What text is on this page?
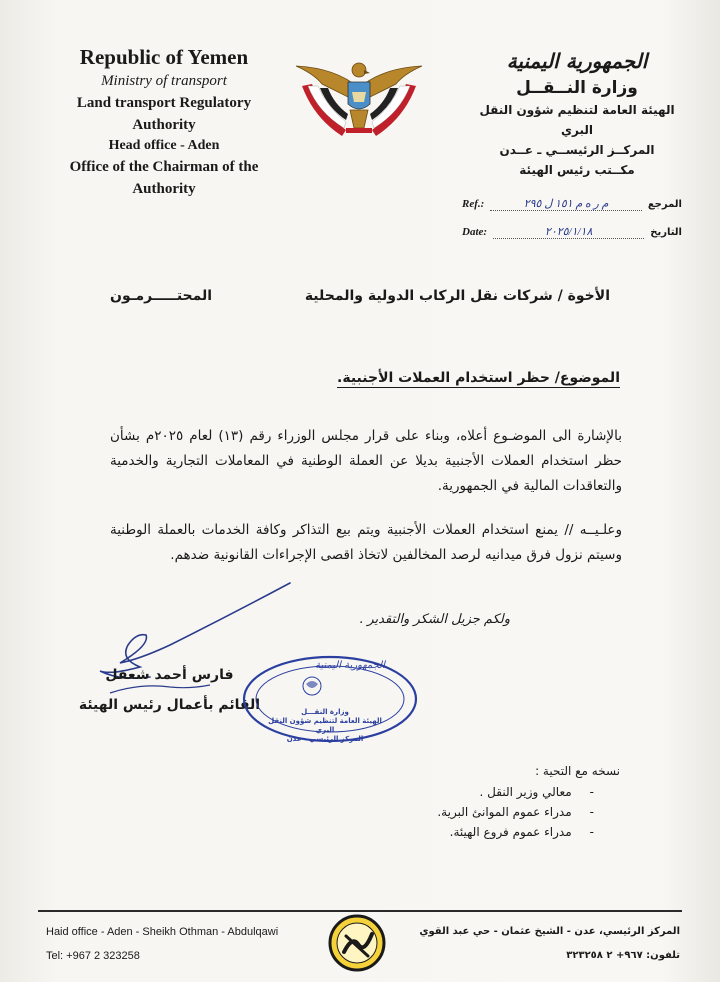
Republic of Yemen
Ministry of transport
Land transport Regulatory Authority
Head office - Aden
Office of the Chairman of the Authority
الجمهورية اليمنية
وزارة النــقــل
الهيئة العامة لتنظيم شؤون النقل البري
المركــز الرئيســي ـ عــدن
مكــتب رئيس الهيئة
Ref.:	م ر ه م ١٥١ ل ٢٩٥	المرجع
Date:	٢٠٢٥/١/١٨	التاريخ
الأخوة / شركات نقل الركاب الدولية والمحلية
المحتـــــرمـون
الموضوع/ حظر استخدام العملات الأجنبية.
بالإشارة الى الموضـوع أعلاه، وبناء على قرار مجلس الوزراء رقم (١٣) لعام ٢٠٢٥م بشأن حظر استخدام العملات الأجنبية بديلا عن العملة الوطنية في المعاملات التجارية والخدمية والتعاقدات المالية في الجمهورية.
وعلـيــه // يمنع استخدام العملات الأجنبية ويتم بيع التذاكر وكافة الخدمات بالعملة الوطنية وسيتم نزول فرق ميدانيه لرصد المخالفين لاتخاذ اقصى الإجراءات القانونية ضدهم.
ولكم جزيل الشكر والتقدير .
فارس أحمد شعفل
القائم بأعمال رئيس الهيئة
الجمهورية اليمنية
وزارة النقـــل
الهيئة العامة لتنظيم شؤون النقل البري
المركز الرئيسي - عدن
نسخه مع التحية :
- معالي وزير النقل .
- مدراء عموم الموانئ البرية.
- مدراء عموم فروع الهيئة.
Haid office - Aden - Sheikh Othman - Abdulqawi
Tel: +967 2 323258
المركز الرئيسي، عدن - الشيخ عثمان - حي عبد القوي
تلفون: ٩٦٧+ ٢ ٣٢٣٢٥٨
